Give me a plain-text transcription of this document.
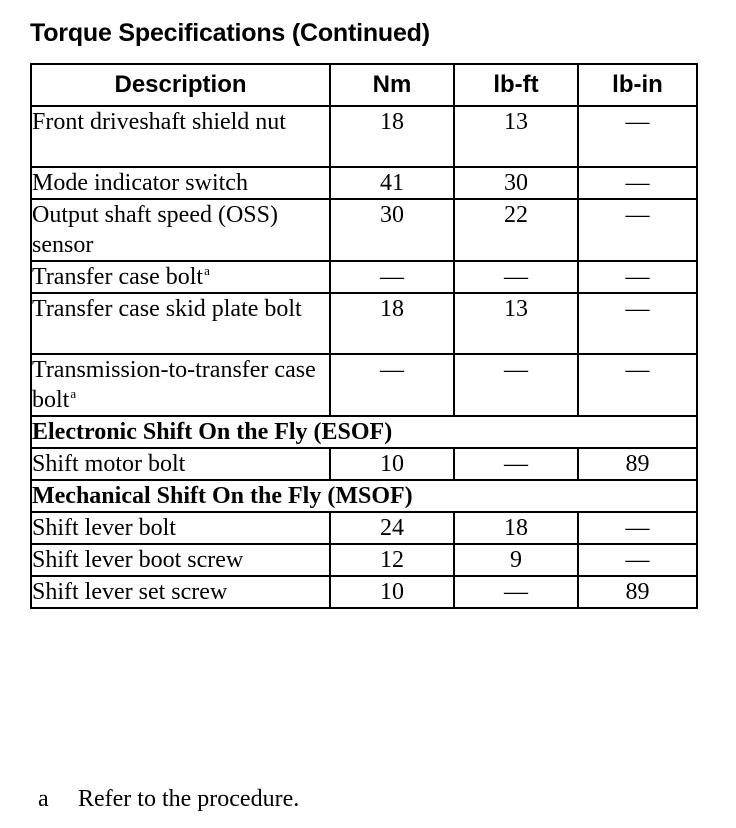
Torque Specifications (Continued)
Description	Nm	lb-ft	lb-in
Front driveshaft shield nut	18	13	—
Mode indicator switch	41	30	—
Output shaft speed (OSS) sensor	30	22	—
Transfer case bolt$^a$	—	—	—
Transfer case skid plate bolt	18	13	—
Transmission-to-transfer case bolt$^a$	—	—	—
Electronic Shift On the Fly (ESOF)			
Shift motor bolt	10	—	89
Mechanical Shift On the Fly (MSOF)			
Shift lever bolt	24	18	—
Shift lever boot screw	12	9	—
Shift lever set screw	10	—	89

a Refer to the procedure.
